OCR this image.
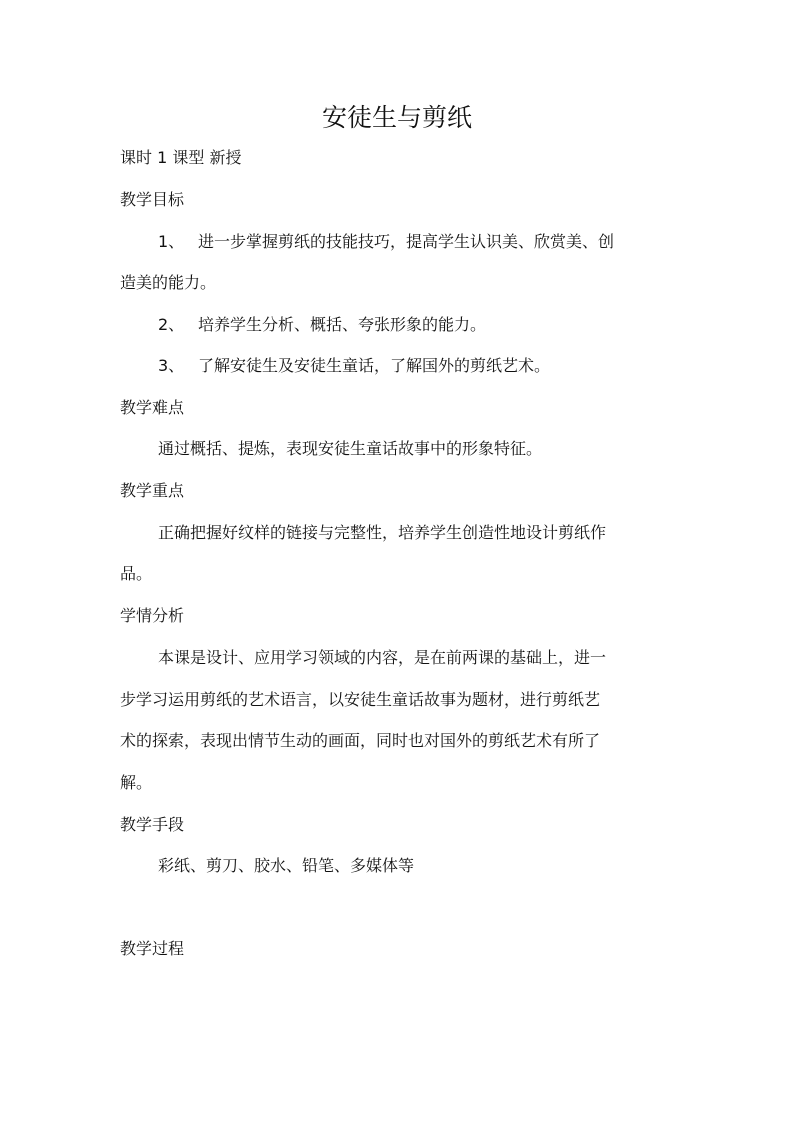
安徒生与剪纸
课时 1 课型 新授
教学目标
1、 进一步掌握剪纸的技能技巧，提高学生认识美、欣赏美、创
造美的能力。
2、 培养学生分析、概括、夸张形象的能力。
3、 了解安徒生及安徒生童话，了解国外的剪纸艺术。
教学难点
通过概括、提炼，表现安徒生童话故事中的形象特征。
教学重点
正确把握好纹样的链接与完整性，培养学生创造性地设计剪纸作
品。
学情分析
本课是设计、应用学习领域的内容，是在前两课的基础上，进一
步学习运用剪纸的艺术语言，以安徒生童话故事为题材，进行剪纸艺
术的探索，表现出情节生动的画面，同时也对国外的剪纸艺术有所了
解。
教学手段
彩纸、剪刀、胶水、铅笔、多媒体等
教学过程
